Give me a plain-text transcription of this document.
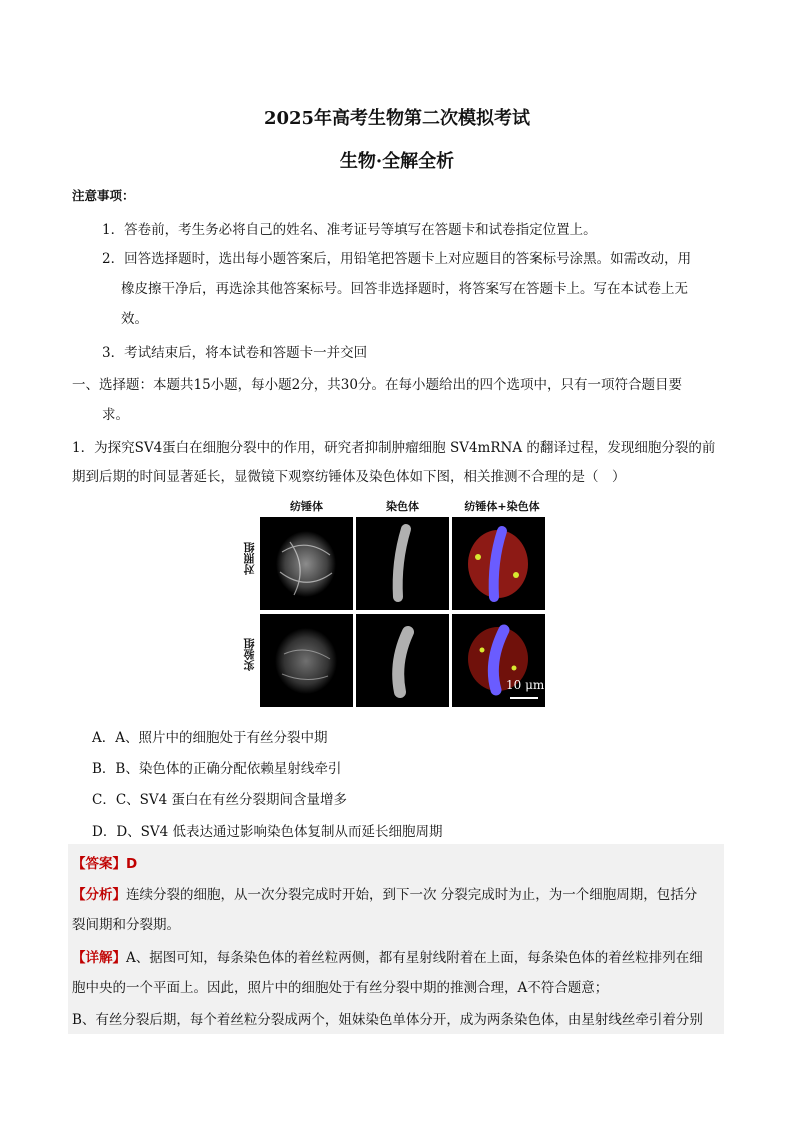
2025年高考生物第二次模拟考试
生物·全解全析
注意事项：
1．答卷前，考生务必将自己的姓名、准考证号等填写在答题卡和试卷指定位置上。
2．回答选择题时，选出每小题答案后，用铅笔把答题卡上对应题目的答案标号涂黑。如需改动，用
橡皮擦干净后，再选涂其他答案标号。回答非选择题时，将答案写在答题卡上。写在本试卷上无
效。
3．考试结束后，将本试卷和答题卡一并交回
一、选择题：本题共15小题，每小题2分，共30分。在每小题给出的四个选项中，只有一项符合题目要
求。
1．为探究SV4蛋白在细胞分裂中的作用，研究者抑制肿瘤细胞 SV4mRNA 的翻译过程，发现细胞分裂的前
期到后期的时间显著延长，显微镜下观察纺锤体及染色体如下图，相关推测不合理的是（　）
纺锤体	染色体	纺锤体+染色体
对照组
实验组
10 μm
A．A、照片中的细胞处于有丝分裂中期
B．B、染色体的正确分配依赖星射线牵引
C．C、SV4 蛋白在有丝分裂期间含量增多
D．D、SV4 低表达通过影响染色体复制从而延长细胞周期
【答案】D
【分析】连续分裂的细胞，从一次分裂完成时开始，到下一次 分裂完成时为止，为一个细胞周期，包括分
裂间期和分裂期。
【详解】A、据图可知，每条染色体的着丝粒两侧，都有星射线附着在上面，每条染色体的着丝粒排列在细
胞中央的一个平面上。因此，照片中的细胞处于有丝分裂中期的推测合理，A不符合题意；
B、有丝分裂后期，每个着丝粒分裂成两个，姐妹染色单体分开，成为两条染色体，由星射线丝牵引着分别
